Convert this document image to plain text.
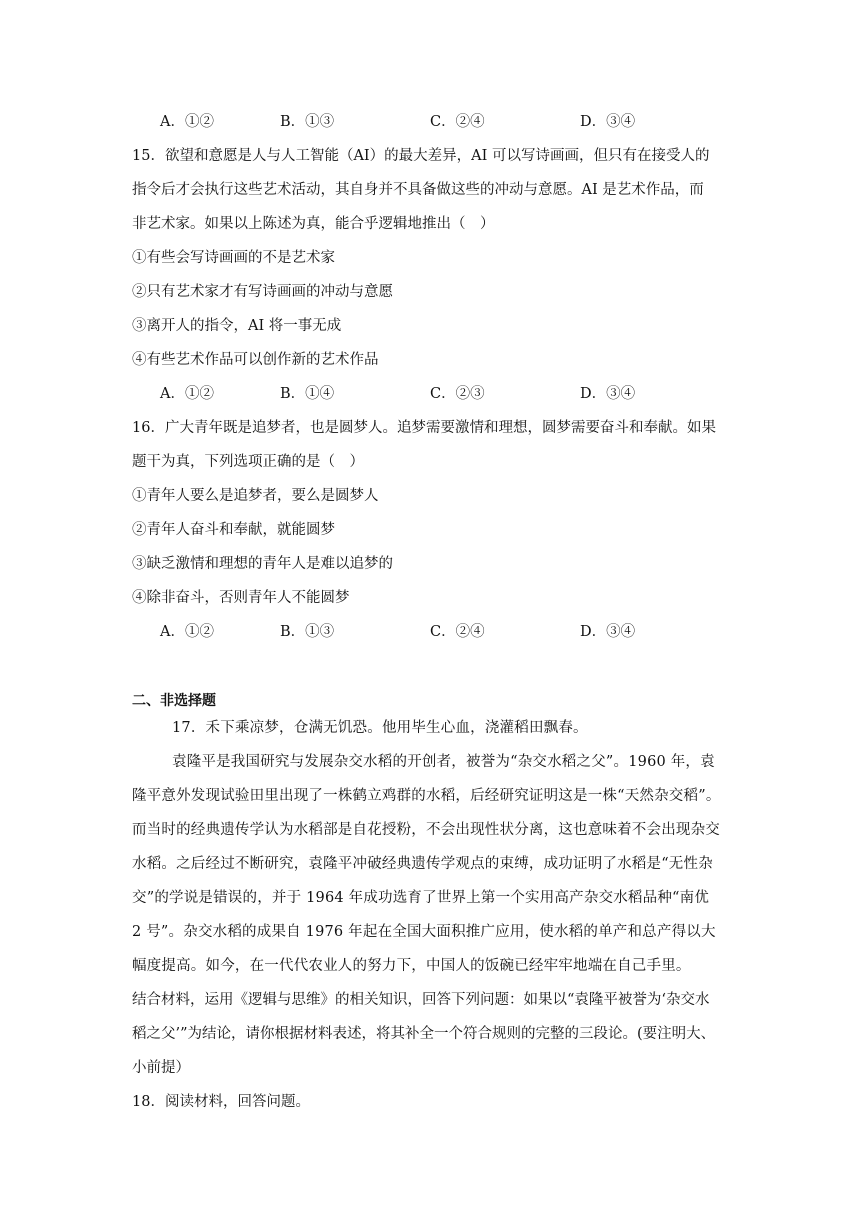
A．①②	B．①③	C．②④	D．③④
15．欲望和意愿是人与人工智能（AI）的最大差异，AI 可以写诗画画，但只有在接受人的
指令后才会执行这些艺术活动，其自身并不具备做这些的冲动与意愿。AI 是艺术作品，而
非艺术家。如果以上陈述为真，能合乎逻辑地推出（　）
①有些会写诗画画的不是艺术家
②只有艺术家才有写诗画画的冲动与意愿
③离开人的指令，AI 将一事无成
④有些艺术作品可以创作新的艺术作品
A．①②	B．①④	C．②③	D．③④
16．广大青年既是追梦者，也是圆梦人。追梦需要激情和理想，圆梦需要奋斗和奉献。如果
题干为真，下列选项正确的是（　）
①青年人要么是追梦者，要么是圆梦人
②青年人奋斗和奉献，就能圆梦
③缺乏激情和理想的青年人是难以追梦的
④除非奋斗，否则青年人不能圆梦
A．①②	B．①③	C．②④	D．③④
二、非选择题
17．禾下乘凉梦，仓满无饥恐。他用毕生心血，浇灌稻田飘春。
袁隆平是我国研究与发展杂交水稻的开创者，被誉为“杂交水稻之父”。1960 年，袁
隆平意外发现试验田里出现了一株鹤立鸡群的水稻，后经研究证明这是一株“天然杂交稻”。
而当时的经典遗传学认为水稻部是自花授粉，不会出现性状分离，这也意味着不会出现杂交
水稻。之后经过不断研究，袁隆平冲破经典遗传学观点的束缚，成功证明了水稻是“无性杂
交”的学说是错误的，并于 1964 年成功选育了世界上第一个实用高产杂交水稻品种“南优
2 号”。杂交水稻的成果自 1976 年起在全国大面积推广应用，使水稻的单产和总产得以大
幅度提高。如今，在一代代农业人的努力下，中国人的饭碗已经牢牢地端在自己手里。
结合材料，运用《逻辑与思维》的相关知识，回答下列问题：如果以“袁隆平被誉为‘杂交水
稻之父’”为结论，请你根据材料表述，将其补全一个符合规则的完整的三段论。(要注明大、
小前提）
18．阅读材料，回答问题。
